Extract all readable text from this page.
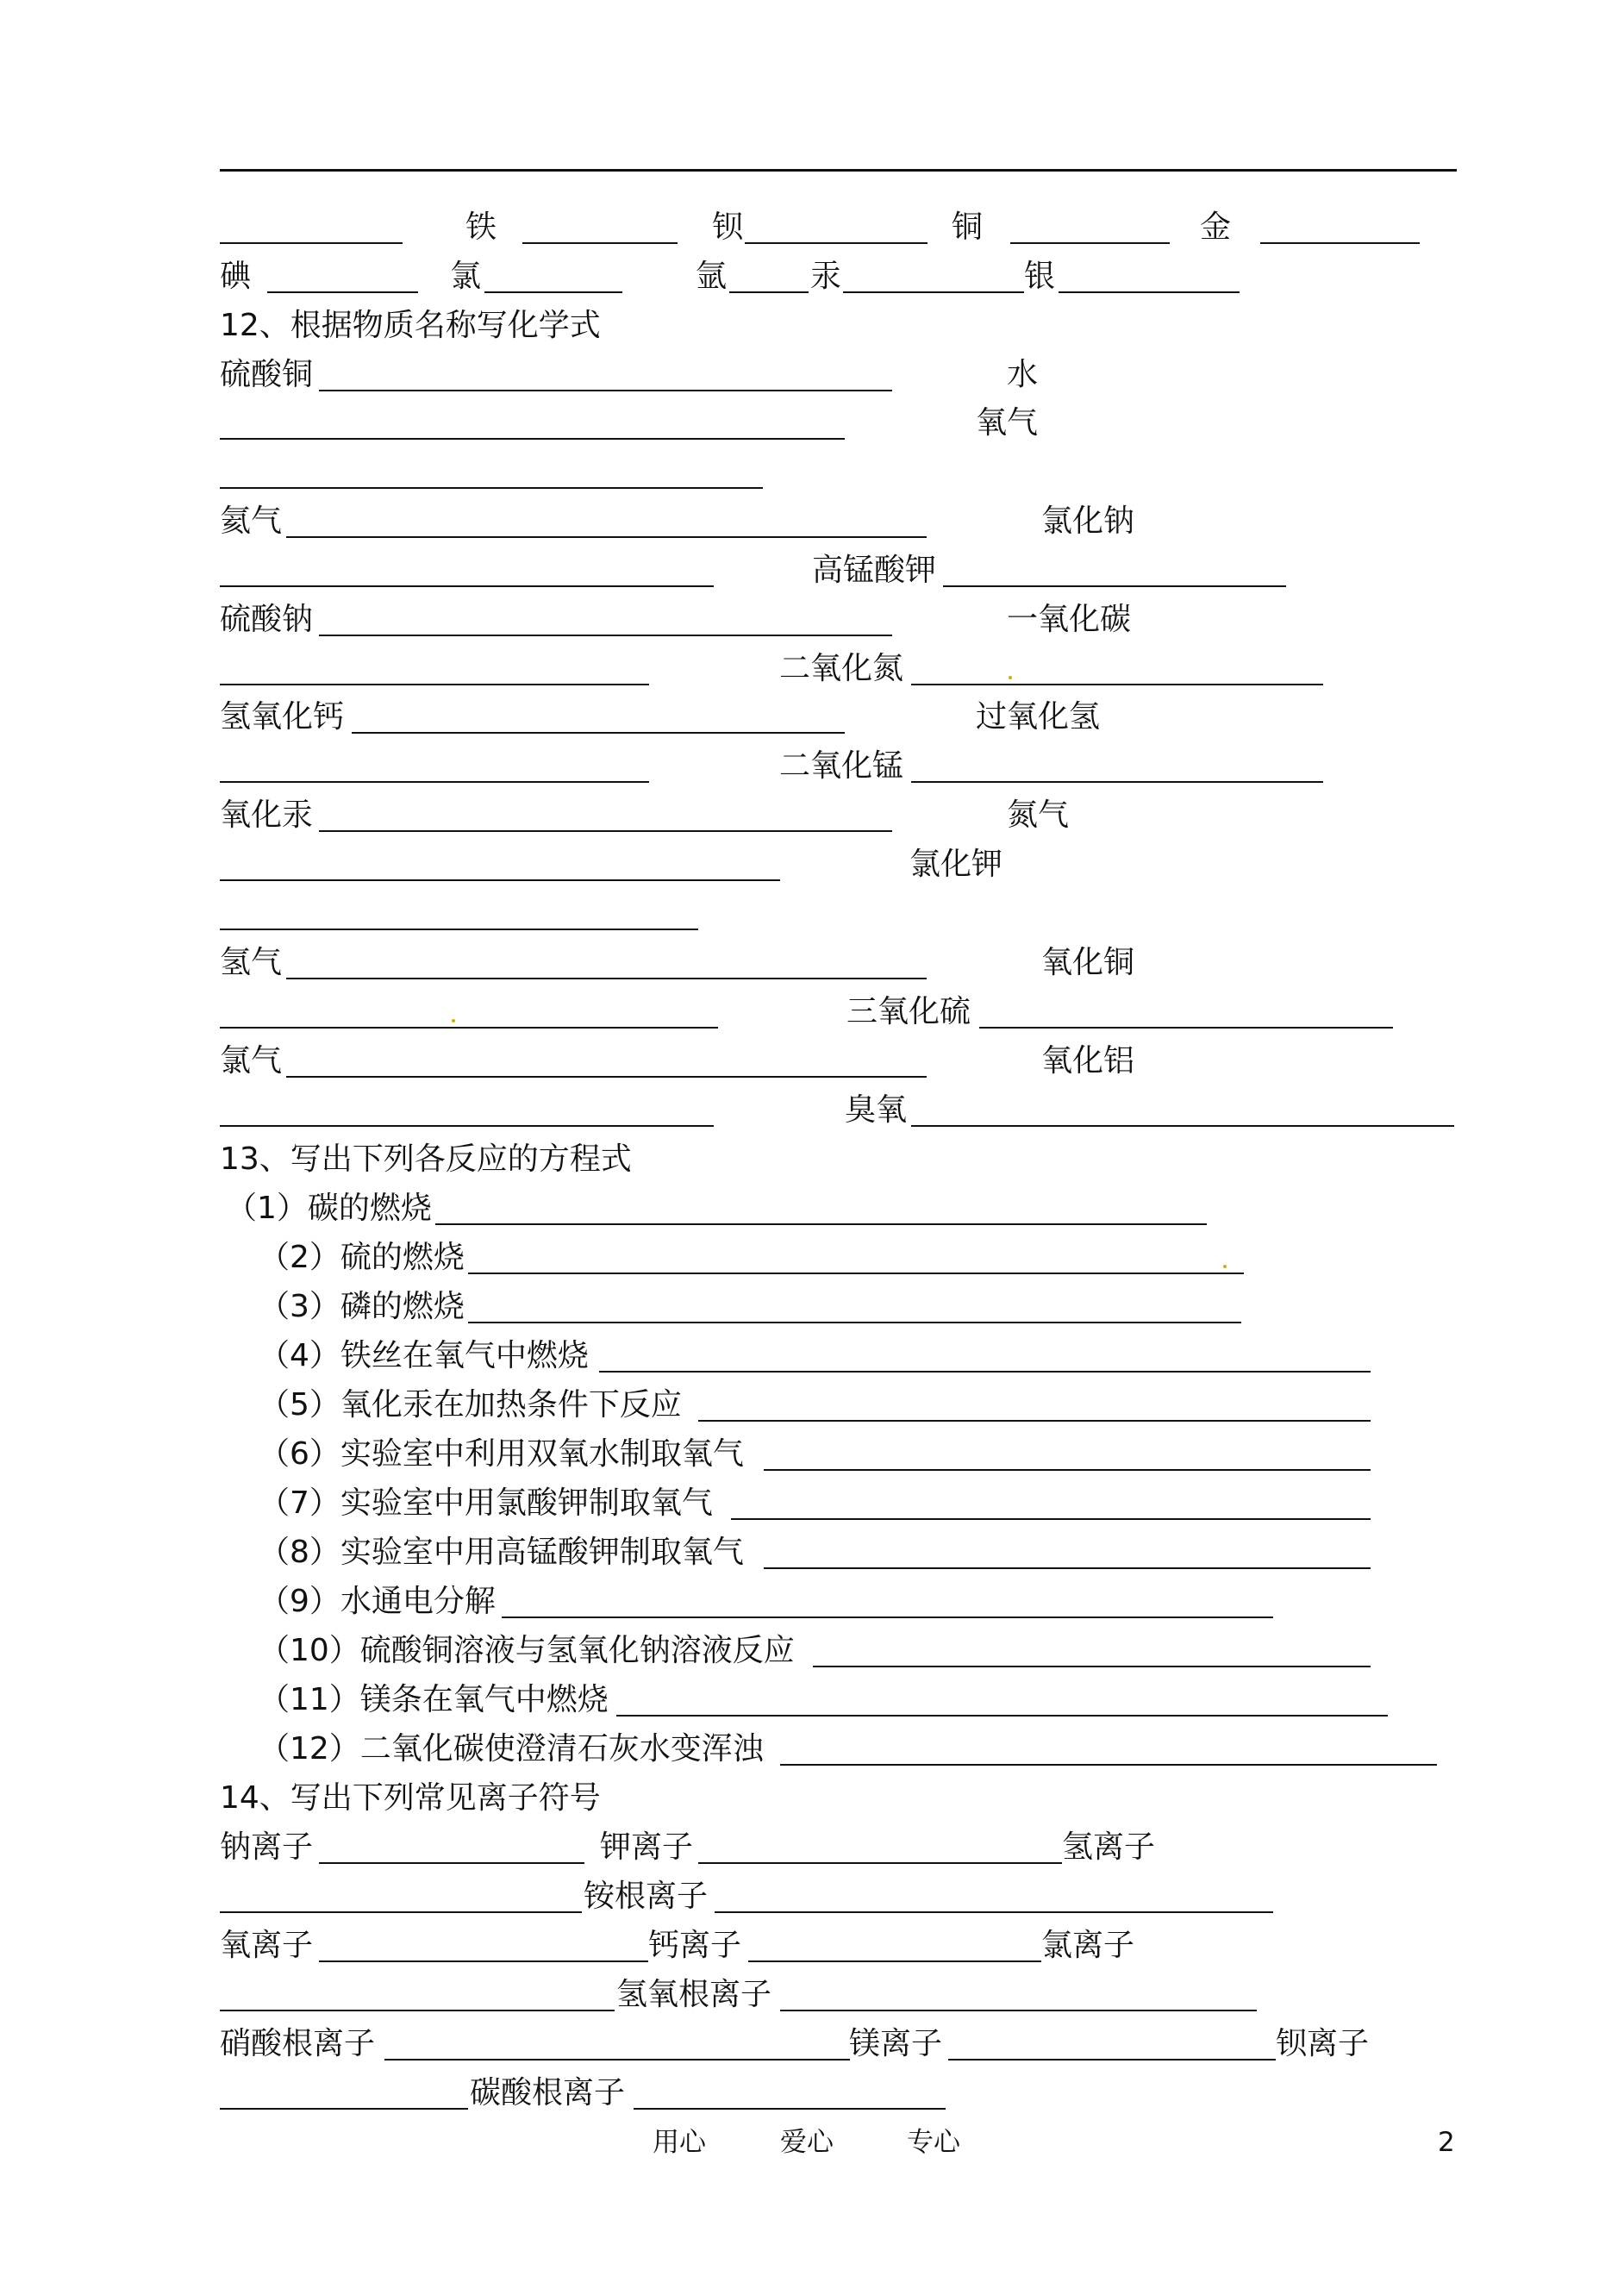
铁	钡	铜	金
碘	氯	氩	汞	银
12、根据物质名称写化学式
硫酸铜	水
氧气
氦气	氯化钠
高锰酸钾
硫酸钠	一氧化碳
二氧化氮
氢氧化钙	过氧化氢
二氧化锰
氧化汞	氮气
氯化钾
氢气	氧化铜
三氧化硫
氯气	氧化铝
臭氧
13、写出下列各反应的方程式
（1）碳的燃烧
（2）硫的燃烧
（3）磷的燃烧
（4）铁丝在氧气中燃烧
（5）氧化汞在加热条件下反应
（6）实验室中利用双氧水制取氧气
（7）实验室中用氯酸钾制取氧气
（8）实验室中用高锰酸钾制取氧气
（9）水通电分解
（10）硫酸铜溶液与氢氧化钠溶液反应
（11）镁条在氧气中燃烧
（12）二氧化碳使澄清石灰水变浑浊
14、写出下列常见离子符号
钠离子	钾离子	氢离子
铵根离子
氧离子	钙离子	氯离子
氢氧根离子
硝酸根离子	镁离子	钡离子
碳酸根离子
用心	爱心	专心	2
